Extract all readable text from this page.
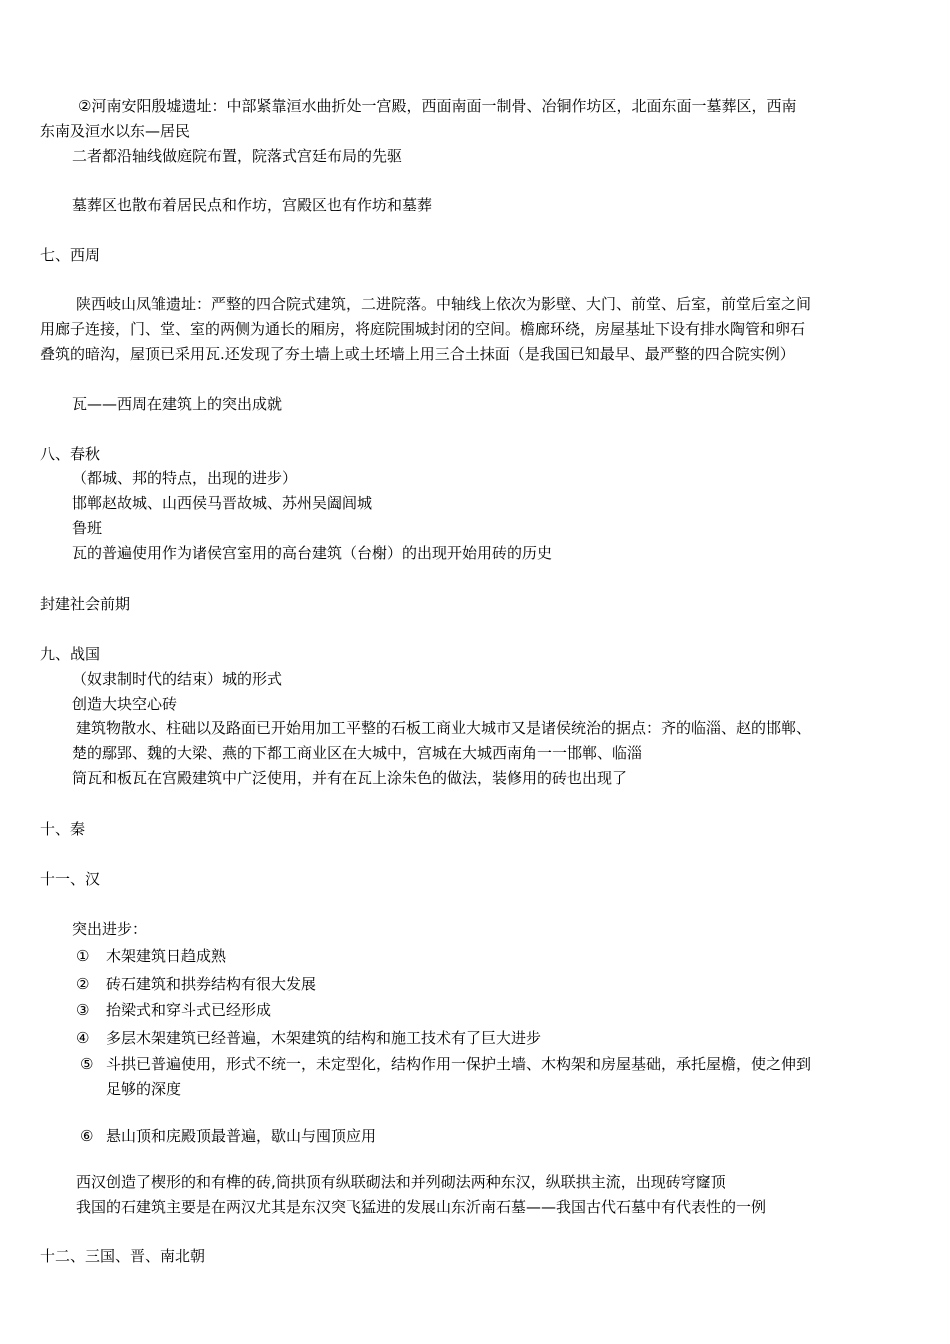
②河南安阳殷墟遗址：中部紧靠洹水曲折处一宫殿，西面南面一制骨、冶铜作坊区，北面东面一墓葬区，西南
东南及洹水以东—居民
二者都沿轴线做庭院布置，院落式宫廷布局的先驱
墓葬区也散布着居民点和作坊，宫殿区也有作坊和墓葬
七、西周
陕西岐山凤雏遗址：严整的四合院式建筑，二进院落。中轴线上依次为影壁、大门、前堂、后室，前堂后室之间
用廊子连接，门、堂、室的两侧为通长的厢房，将庭院围城封闭的空间。檐廊环绕，房屋基址下设有排水陶管和卵石
叠筑的暗沟，屋顶已采用瓦.还发现了夯土墙上或土坯墙上用三合土抹面（是我国已知最早、最严整的四合院实例）
瓦——西周在建筑上的突出成就
八、春秋
（都城、邦的特点，出现的进步）
邯郸赵故城、山西侯马晋故城、苏州吴阖闾城
鲁班
瓦的普遍使用作为诸侯宫室用的高台建筑（台榭）的出现开始用砖的历史
封建社会前期
九、战国
（奴隶制时代的结束）城的形式
创造大块空心砖
建筑物散水、柱础以及路面已开始用加工平整的石板工商业大城市又是诸侯统治的据点：齐的临淄、赵的邯郸、
楚的鄢郢、魏的大梁、燕的下都工商业区在大城中，宫城在大城西南角一一邯郸、临淄
筒瓦和板瓦在宫殿建筑中广泛使用，并有在瓦上涂朱色的做法，装修用的砖也出现了
十、秦
十一、汉
突出进步：
① 木架建筑日趋成熟
② 砖石建筑和拱券结构有很大发展
③ 抬梁式和穿斗式已经形成
④ 多层木架建筑已经普遍，木架建筑的结构和施工技术有了巨大进步
⑤ 斗拱已普遍使用，形式不统一，未定型化，结构作用一保护土墙、木构架和房屋基础，承托屋檐，使之伸到
足够的深度
⑥ 悬山顶和庑殿顶最普遍，歇山与囤顶应用
西汉创造了楔形的和有榫的砖,筒拱顶有纵联砌法和并列砌法两种东汉，纵联拱主流，出现砖穹窿顶
我国的石建筑主要是在两汉尤其是东汉突飞猛进的发展山东沂南石墓——我国古代石墓中有代表性的一例
十二、三国、晋、南北朝
